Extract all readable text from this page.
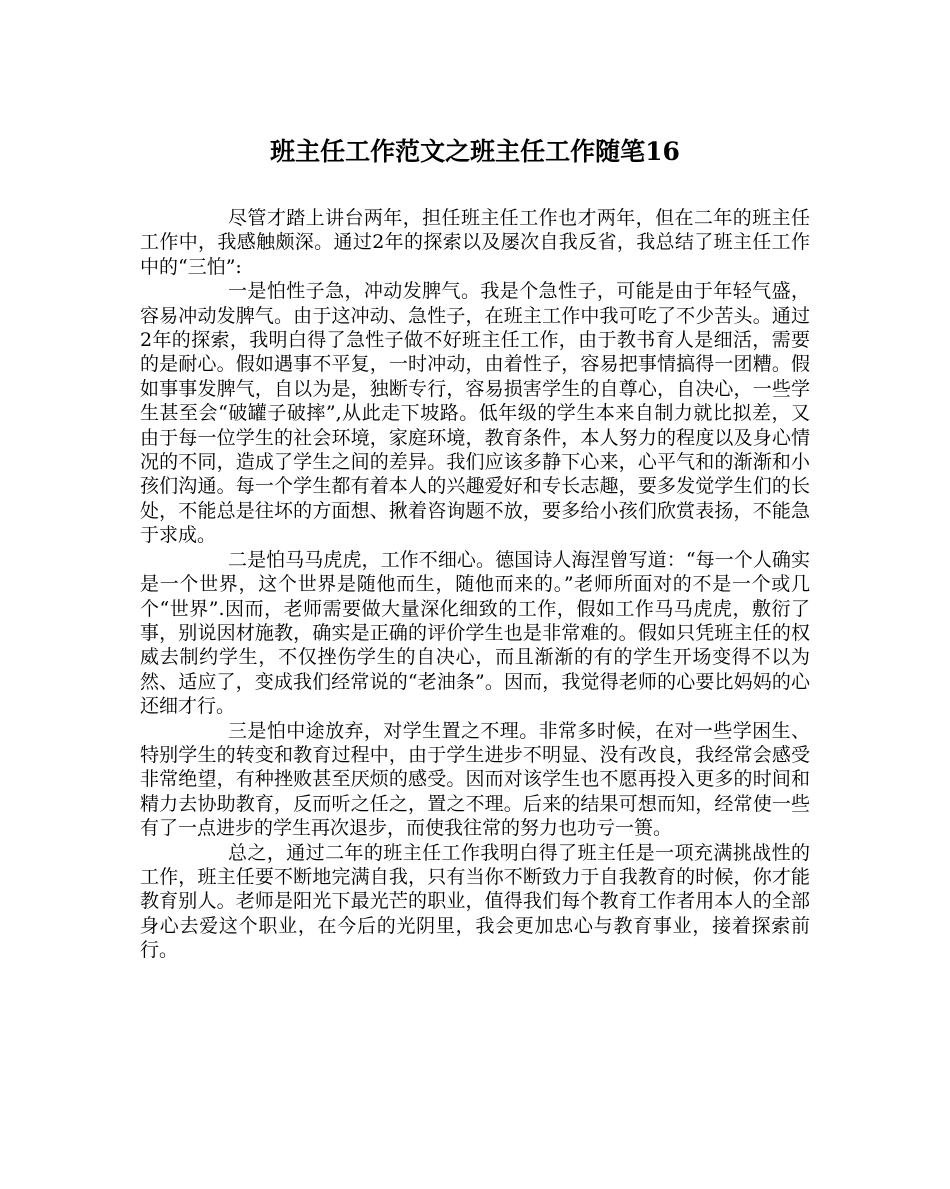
班主任工作范文之班主任工作随笔16

尽管才踏上讲台两年，担任班主任工作也才两年，但在二年的班主任工作中，我感触颇深。通过2年的探索以及屡次自我反省，我总结了班主任工作中的“三怕”:

一是怕性子急，冲动发脾气。我是个急性子，可能是由于年轻气盛，容易冲动发脾气。由于这冲动、急性子，在班主工作中我可吃了不少苦头。通过2年的探索，我明白得了急性子做不好班主任工作，由于教书育人是细活，需要的是耐心。假如遇事不平复，一时冲动，由着性子，容易把事情搞得一团糟。假如事事发脾气，自以为是，独断专行，容易损害学生的自尊心，自决心，一些学生甚至会“破罐子破摔”,从此走下坡路。低年级的学生本来自制力就比拟差，又由于每一位学生的社会环境，家庭环境，教育条件，本人努力的程度以及身心情况的不同，造成了学生之间的差异。我们应该多静下心来，心平气和的渐渐和小孩们沟通。每一个学生都有着本人的兴趣爱好和专长志趣，要多发觉学生们的长处，不能总是往坏的方面想、揪着咨询题不放，要多给小孩们欣赏表扬，不能急于求成。

二是怕马马虎虎，工作不细心。德国诗人海涅曾写道：“每一个人确实是一个世界，这个世界是随他而生，随他而来的。”老师所面对的不是一个或几个“世界”.因而，老师需要做大量深化细致的工作，假如工作马马虎虎，敷衍了事，别说因材施教，确实是正确的评价学生也是非常难的。假如只凭班主任的权威去制约学生，不仅挫伤学生的自决心，而且渐渐的有的学生开场变得不以为然、适应了，变成我们经常说的“老油条”。因而，我觉得老师的心要比妈妈的心还细才行。

三是怕中途放弃，对学生置之不理。非常多时候，在对一些学困生、特别学生的转变和教育过程中，由于学生进步不明显、没有改良，我经常会感受非常绝望，有种挫败甚至厌烦的感受。因而对该学生也不愿再投入更多的时间和精力去协助教育，反而听之任之，置之不理。后来的结果可想而知，经常使一些有了一点进步的学生再次退步，而使我往常的努力也功亏一篑。

总之，通过二年的班主任工作我明白得了班主任是一项充满挑战性的工作，班主任要不断地完满自我，只有当你不断致力于自我教育的时候，你才能教育别人。老师是阳光下最光芒的职业，值得我们每个教育工作者用本人的全部身心去爱这个职业，在今后的光阴里，我会更加忠心与教育事业，接着探索前行。
